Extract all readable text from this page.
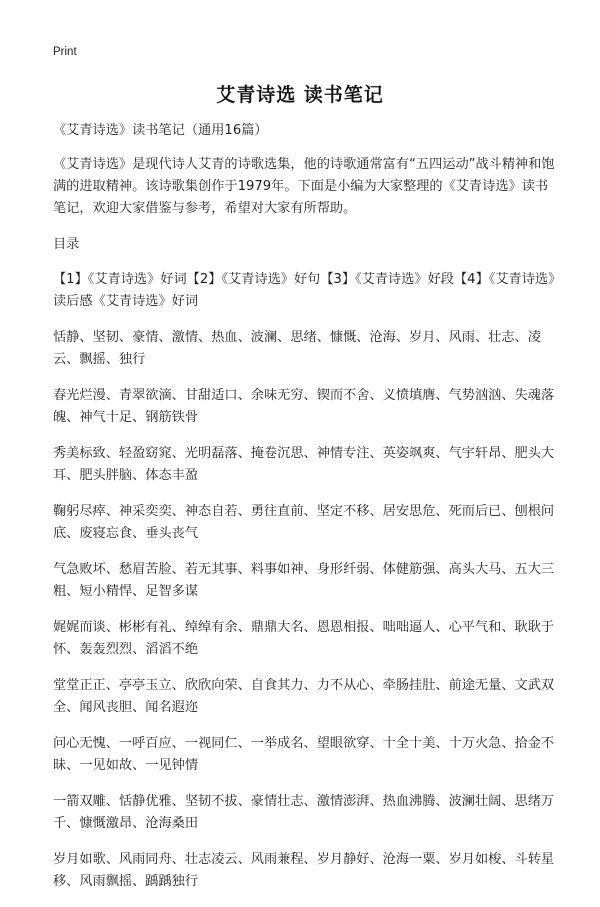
Print
艾青诗选 读书笔记

《艾青诗选》读书笔记（通用16篇）

《艾青诗选》是现代诗人艾青的诗歌选集，他的诗歌通常富有“五四运动”战斗精神和饱满的进取精神。该诗歌集创作于1979年。下面是小编为大家整理的《艾青诗选》读书笔记，欢迎大家借鉴与参考，希望对大家有所帮助。

目录

【1】《艾青诗选》好词【2】《艾青诗选》好句【3】《艾青诗选》好段【4】《艾青诗选》读后感《艾青诗选》好词

恬静、坚韧、豪情、激情、热血、波澜、思绪、慷慨、沧海、岁月、风雨、壮志、凌云、飘摇、独行

春光烂漫、青翠欲滴、甘甜适口、余味无穷、锲而不舍、义愤填膺、气势汹汹、失魂落魄、神气十足、钢筋铁骨

秀美标致、轻盈窈窕、光明磊落、掩卷沉思、神情专注、英姿飒爽、气宇轩昂、肥头大耳、肥头胖脑、体态丰盈

鞠躬尽瘁、神采奕奕、神态自若、勇往直前、坚定不移、居安思危、死而后已、刨根问底、废寝忘食、垂头丧气

气急败坏、愁眉苦脸、若无其事、料事如神、身形纤弱、体健筋强、高头大马、五大三粗、短小精悍、足智多谋

娓娓而谈、彬彬有礼、绰绰有余、鼎鼎大名、恩恩相报、咄咄逼人、心平气和、耿耿于怀、轰轰烈烈、滔滔不绝

堂堂正正、亭亭玉立、欣欣向荣、自食其力、力不从心、牵肠挂肚、前途无量、文武双全、闻风丧胆、闻名遐迩

问心无愧、一呼百应、一视同仁、一举成名、望眼欲穿、十全十美、十万火急、拾金不昧、一见如故、一见钟情

一箭双雕、恬静优雅、坚韧不拔、豪情壮志、激情澎湃、热血沸腾、波澜壮阔、思绪万千、慷慨激昂、沧海桑田

岁月如歌、风雨同舟、壮志凌云、风雨兼程、岁月静好、沧海一粟、岁月如梭、斗转星移、风雨飘摇、踽踽独行
